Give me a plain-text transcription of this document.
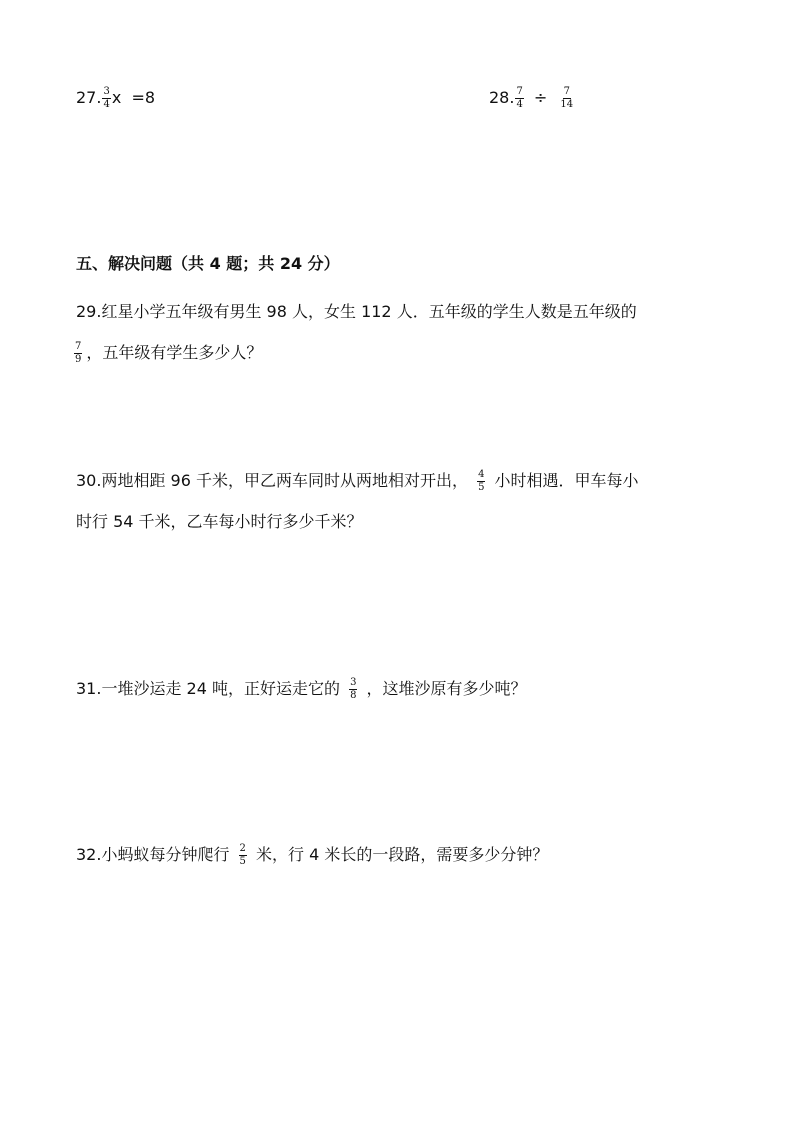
27. $\frac{3}{4}$ x  =8	28. $\frac{7}{4} \div \frac{7}{14}$
五、解决问题（共 4 题；共 24 分）
29.红星小学五年级有男生 98 人，女生 112 人．五年级的学生人数是五年级的
$\frac{7}{9}$ ，五年级有学生多少人？
30.两地相距 96 千米，甲乙两车同时从两地相对开出， $\frac{4}{5}$ 小时相遇．甲车每小
时行 54 千米，乙车每小时行多少千米？
31.一堆沙运走 24 吨，正好运走它的 $\frac{3}{8}$ ，这堆沙原有多少吨？
32.小蚂蚁每分钟爬行 $\frac{2}{5}$ 米，行 4 米长的一段路，需要多少分钟？
